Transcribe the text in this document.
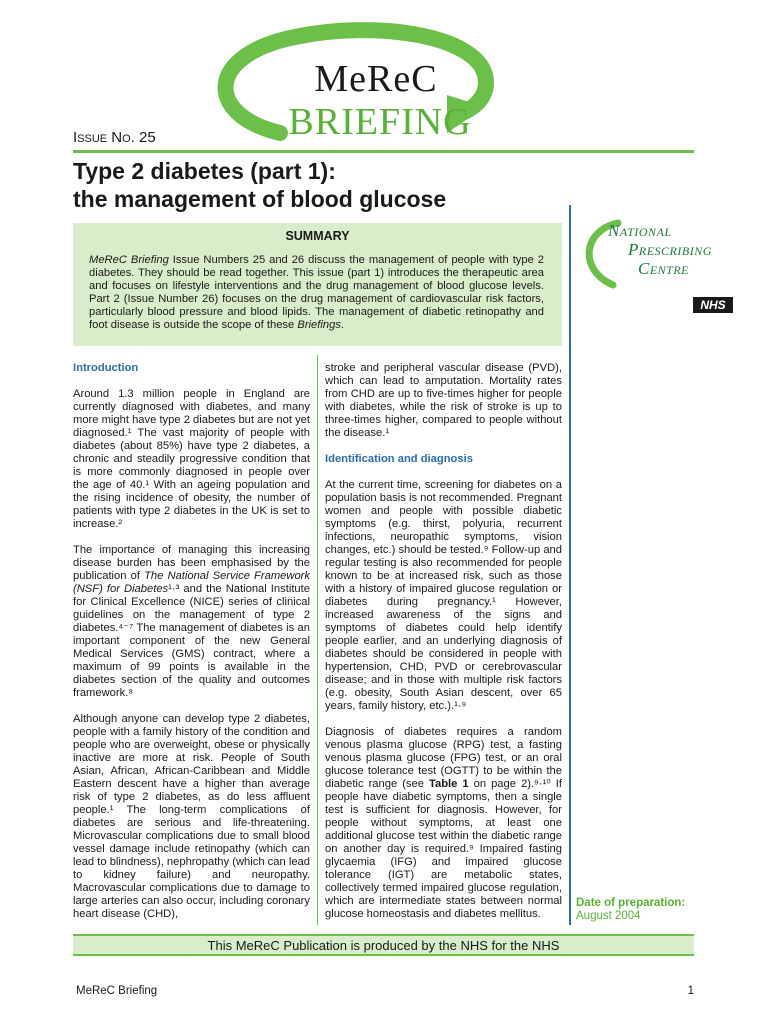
MeReC
BRIEFING
Issue No. 25
Type 2 diabetes (part 1):
the management of blood glucose
National
Prescribing
Centre
NHS
SUMMARY
MeReC Briefing Issue Numbers 25 and 26 discuss the management of people with type 2 diabetes. They should be read together. This issue (part 1) introduces the therapeutic area and focuses on lifestyle interventions and the drug management of blood glucose levels. Part 2 (Issue Number 26) focuses on the drug management of cardiovascular risk factors, particularly blood pressure and blood lipids. The management of diabetic retinopathy and foot disease is outside the scope of these Briefings.
Introduction

Around 1.3 million people in England are currently diagnosed with diabetes, and many more might have type 2 diabetes but are not yet diagnosed.¹ The vast majority of people with diabetes (about 85%) have type 2 diabetes, a chronic and steadily progressive condition that is more commonly diagnosed in people over the age of 40.¹ With an ageing population and the rising incidence of obesity, the number of patients with type 2 diabetes in the UK is set to increase.²

The importance of managing this increasing disease burden has been emphasised by the publication of The National Service Framework (NSF) for Diabetes¹·³ and the National Institute for Clinical Excellence (NICE) series of clinical guidelines on the management of type 2 diabetes.⁴⁻⁷ The management of diabetes is an important component of the new General Medical Services (GMS) contract, where a maximum of 99 points is available in the diabetes section of the quality and outcomes framework.⁸

Although anyone can develop type 2 diabetes, people with a family history of the condition and people who are overweight, obese or physically inactive are more at risk. People of South Asian, African, African-Caribbean and Middle Eastern descent have a higher than average risk of type 2 diabetes, as do less affluent people.¹ The long-term complications of diabetes are serious and life-threatening. Microvascular complications due to small blood vessel damage include retinopathy (which can lead to blindness), nephropathy (which can lead to kidney failure) and neuropathy. Macrovascular complications due to damage to large arteries can also occur, including coronary heart disease (CHD),

stroke and peripheral vascular disease (PVD), which can lead to amputation. Mortality rates from CHD are up to five-times higher for people with diabetes, while the risk of stroke is up to three-times higher, compared to people without the disease.¹

Identification and diagnosis

At the current time, screening for diabetes on a population basis is not recommended. Pregnant women and people with possible diabetic symptoms (e.g. thirst, polyuria, recurrent infections, neuropathic symptoms, vision changes, etc.) should be tested.⁹ Follow-up and regular testing is also recommended for people known to be at increased risk, such as those with a history of impaired glucose regulation or diabetes during pregnancy.¹ However, increased awareness of the signs and symptoms of diabetes could help identify people earlier, and an underlying diagnosis of diabetes should be considered in people with hypertension, CHD, PVD or cerebrovascular disease; and in those with multiple risk factors (e.g. obesity, South Asian descent, over 65 years, family history, etc.).¹·⁹

Diagnosis of diabetes requires a random venous plasma glucose (RPG) test, a fasting venous plasma glucose (FPG) test, or an oral glucose tolerance test (OGTT) to be within the diabetic range (see Table 1 on page 2).⁹·¹⁰ If people have diabetic symptoms, then a single test is sufficient for diagnosis. However, for people without symptoms, at least one additional glucose test within the diabetic range on another day is required.⁹ Impaired fasting glycaemia (IFG) and impaired glucose tolerance (IGT) are metabolic states, collectively termed impaired glucose regulation, which are intermediate states between normal glucose homeostasis and diabetes mellitus.

Date of preparation:
August 2004
This MeReC Publication is produced by the NHS for the NHS
MeReC Briefing	1
